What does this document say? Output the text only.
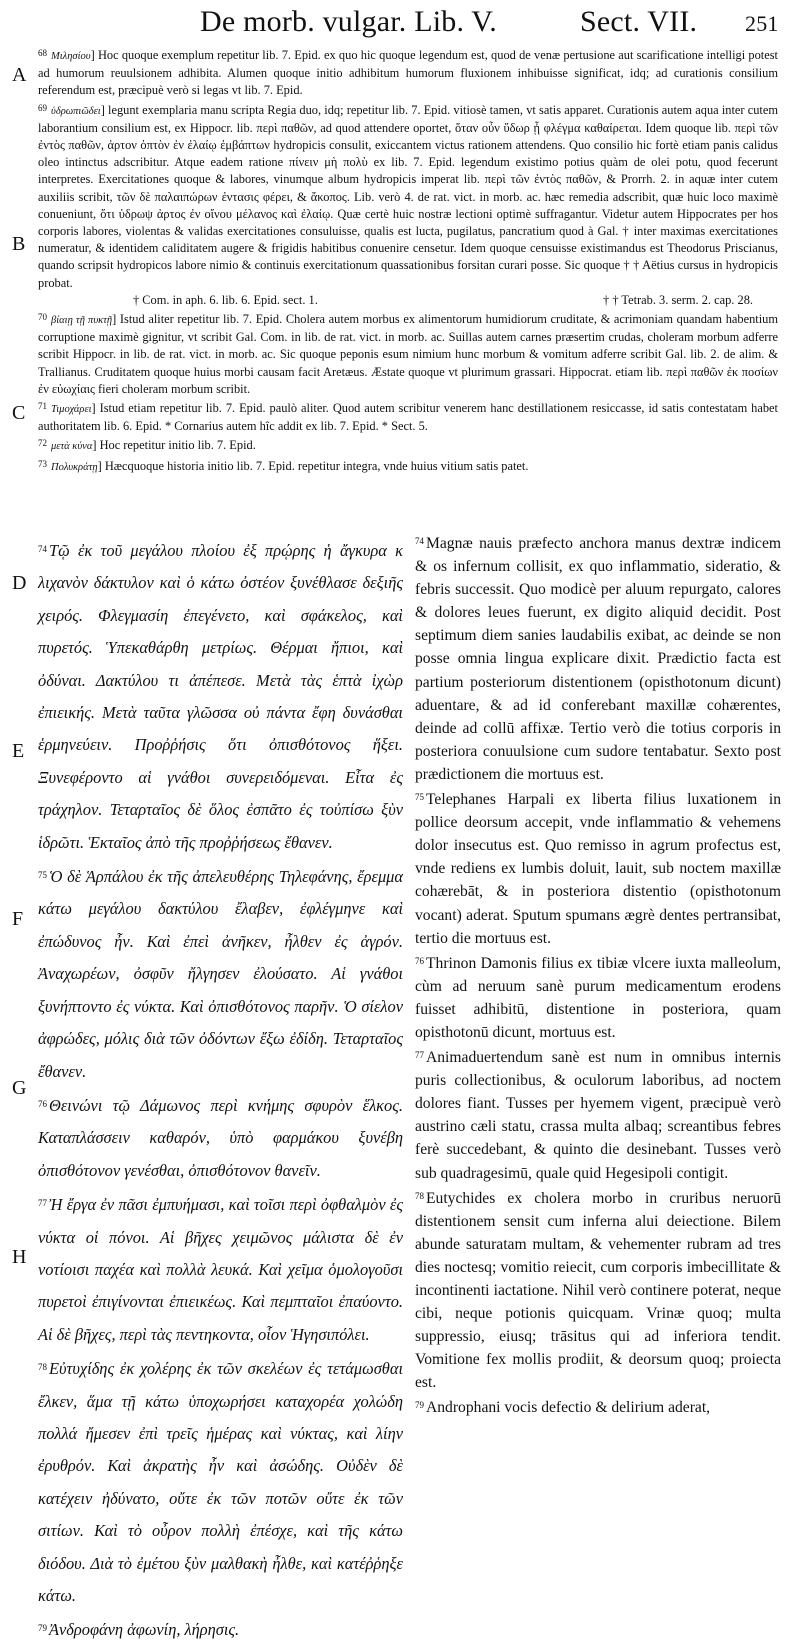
De morb. vulgar. Lib. V.	Sect. VII. 251
A
B
C
D
E
F
G
H

$^{68}$ Μιλησίου] Hoc quoque exemplum repetitur lib. 7. Epid. ex quo hic quoque legendum est, quod de venæ pertusione aut scarificatione intelligi potest ad humorum reuulsionem adhibita. Alumen quoque initio adhibitum humorum fluxionem inhibuisse significat, idq; ad curationis consilium referendum est, præcipuè verò si legas vt lib. 7. Epid.

$^{69}$ ὑδρωπιῶδει] legunt exemplaria manu scripta Regia duo, idq; repetitur lib. 7. Epid. vitiosè tamen, vt satis apparet. Curationis autem aqua inter cutem laborantium consilium est, ex Hippocr. lib. περὶ παθῶν, ad quod attendere oportet, ὅταν οὖν ὕδωρ ᾖ φλέγμα καθαίρεται. Idem quoque lib. περὶ τῶν ἐντὸς παθῶν, ἀρτον ὀπτὸν ἐν ἐλαίῳ ἐμβάπτων hydropicis consulit, exiccantem victus rationem attendens. Quo consilio hic fortè etiam panis calidus oleo intinctus adscribitur. Atque eadem ratione πίνειν μὴ πολὺ ex lib. 7. Epid. legendum existimo potius quàm de olei potu, quod fecerunt interpretes. Exercitationes quoque & labores, vinumque album hydropicis imperat lib. περὶ τῶν ἐντὸς παθῶν, & Prorrh. 2. in aquæ inter cutem auxiliis scribit, τῶν δὲ παλαιπώρων ἐντασις φέρει, & ἄκοπος. Lib. verò 4. de rat. vict. in morb. ac. hæc remedia adscribit, quæ huic loco maximè conueniunt, ὅτι ὑδρωψ ἀρτος ἐν οἴνου μέλανος καὶ ἐλαίῳ. Quæ certè huic nostræ lectioni optimè suffragantur. Videtur autem Hippocrates per hos corporis labores, violentas & validas exercitationes consuluisse, qualis est lucta, pugilatus, pancratium quod à Gal. † inter maximas exercitationes numeratur, & identidem caliditatem augere & frigidis habitibus conuenire censetur. Idem quoque censuisse existimandus est Theodorus Priscianus, quando scripsit hydropicos labore nimio & continuis exercitationum quassationibus forsitan curari posse. Sic quoque † † Aëtius cursus in hydropicis probat.

† Com. in aph. 6. lib. 6. Epid. sect. 1.	† † Tetrab. 3. serm. 2. cap. 28.

$^{70}$ βίαιῃ τῇ πυκτῇ] Istud aliter repetitur lib. 7. Epid. Cholera autem morbus ex alimentorum humidiorum cruditate, & acrimoniam quandam habentium corruptione maximè gignitur, vt scribit Gal. Com. in lib. de rat. vict. in morb. ac. Suillas autem carnes præsertim crudas, choleram morbum adferre scribit Hippocr. in lib. de rat. vict. in morb. ac. Sic quoque peponis esum nimium hunc morbum & vomitum adferre scribit Gal. lib. 2. de alim. & Trallianus. Cruditatem quoque huius morbi causam facit Aretæus. Æstate quoque vt plurimum grassari. Hippocrat. etiam lib. περὶ παθῶν ἐκ ποσίων ἐν εὐωχίαις fieri choleram morbum scribit.

$^{71}$ Τιμοχάρει] Istud etiam repetitur lib. 7. Epid. paulò aliter. Quod autem scribitur venerem hanc destillationem resiccasse, id satis contestatam habet authoritatem lib. 6. Epid. * Cornarius autem hîc addit ex lib. 7. Epid. * Sect. 5.

$^{72}$ μετὰ κύνα] Hoc repetitur initio lib. 7. Epid.

$^{73}$ Πολυκράτῃ] Hæcquoque historia initio lib. 7. Epid. repetitur integra, vnde huius vitium satis patet.

$^{74}$ Τῷ ἐκ τοῦ μεγάλου πλοίου ἐξ πρῴρης ἡ ἄγκυρα κ λιχανὸν δάκτυλον καὶ ὁ κάτω ὀστέον ξυνέθλασε δεξιῆς χειρός. Φλεγμασίη ἐπεγένετο, καὶ σφάκελος, καὶ πυρετός. Ὑπεκαθάρθη μετρίως. Θέρμαι ἤπιοι, καὶ ὀδύναι. Δακτύλου τι ἀπέπεσε. Μετὰ τὰς ἑπτὰ ἰχὼρ ἐπιεικής. Μετὰ ταῦτα γλῶσσα οὐ πάντα ἔφη δυνάσθαι ἑρμηνεύειν. Προῤῥήσις ὅτι ὀπισθότονος ἥξει. Ξυνεφέροντο αἱ γνάθοι συνερειδόμεναι. Εἶτα ἐς τράχηλον. Τεταρταῖος δὲ ὅλος ἐσπᾶτο ἐς τοὐπίσω ξὺν ἱδρῶτι. Ἑκταῖος ἀπὸ τῆς προῤῥήσεως ἔθανεν.

$^{75}$ Ὁ δὲ Ἁρπάλου ἐκ τῆς ἀπελευθέρης Τηλεφάνης, ἔρεμμα κάτω μεγάλου δακτύλου ἔλαβεν, ἐφλέγμηνε καὶ ἐπώδυνος ἦν. Καὶ ἐπεὶ ἀνῆκεν, ἦλθεν ἐς ἀγρόν. Ἀναχωρέων, ὀσφῦν ἤλγησεν ἐλούσατο. Αἱ γνάθοι ξυνήπτοντο ἐς νύκτα. Καὶ ὀπισθότονος παρῆν. Ὁ σίελον ἀφρώδες, μόλις διὰ τῶν ὀδόντων ἔξω ἐδίδη. Τεταρταῖος ἔθανεν.

$^{76}$ Θεινώνι τῷ Δάμωνος περὶ κνήμης σφυρὸν ἕλκος. Καταπλάσσειν καθαρόν, ὑπὸ φαρμάκου ξυνέβη ὀπισθότονον γενέσθαι, ὀπισθότονον θανεῖν.

$^{77}$ Ἠ ἔργα ἐν πᾶσι ἐμπυήμασι, καὶ τοῖσι περὶ ὀφθαλμὸν ἐς νύκτα οἱ πόνοι. Αἱ βῆχες χειμῶνος μάλιστα δὲ ἐν νοτίοισι παχέα καὶ πολλὰ λευκά. Καὶ χεῖμα ὁμολογοῦσι πυρετοὶ ἐπιγίνονται ἐπιεικέως. Καὶ πεμπταῖοι ἐπαύοντο. Αἱ δὲ βῆχες, περὶ τὰς πεντηκοντα, οἷον Ἡγησιπόλει.

$^{78}$ Εὐτυχίδης ἐκ χολέρης ἐκ τῶν σκελέων ἐς τετάμωσθαι ἔλκεν, ἅμα τῇ κάτω ὑποχωρήσει καταχορέα χολώδη πολλά ἤμεσεν ἐπὶ τρεῖς ἡμέρας καὶ νύκτας, καὶ λίην ἐρυθρόν. Καὶ ἀκρατὴς ἦν καὶ ἀσώδης. Οὐδὲν δὲ κατέχειν ἠδύνατο, οὔτε ἐκ τῶν ποτῶν οὔτε ἐκ τῶν σιτίων. Καὶ τὸ οὖρον πολλὴ ἐπέσχε, καὶ τῆς κάτω διόδου. Διὰ τὸ ἐμέτου ξὺν μαλθακὴ ἦλθε, καὶ κατέῤῥηξε κάτω.

$^{79}$ Ἀνδροφάνη ἀφωνίη, λήρησις.

$^{74}$ Magnæ nauis præfecto anchora manus dextræ indicem & os infernum collisit, ex quo inflammatio, sideratio, & febris successit. Quo modicè per aluum repurgato, calores & dolores leues fuerunt, ex digito aliquid decidit. Post septimum diem sanies laudabilis exibat, ac deinde se non posse omnia lingua explicare dixit. Prædictio facta est partium posteriorum distentionem (opisthotonum dicunt) aduentare, & ad id conferebant maxillæ cohærentes, deinde ad collū affixæ. Tertio verò die totius corporis in posteriora conuulsione cum sudore tentabatur. Sexto post prædictionem die mortuus est.

$^{75}$ Telephanes Harpali ex liberta filius luxationem in pollice deorsum accepit, vnde inflammatio & vehemens dolor insecutus est. Quo remisso in agrum profectus est, vnde rediens ex lumbis doluit, lauit, sub noctem maxillæ cohærebāt, & in posteriora distentio (opisthotonum vocant) aderat. Sputum spumans ægrè dentes pertransibat, tertio die mortuus est.

$^{76}$ Thrinon Damonis filius ex tibiæ vlcere iuxta malleolum, cùm ad neruum sanè purum medicamentum erodens fuisset adhibitū, distentione in posteriora, quam opisthotonū dicunt, mortuus est.

$^{77}$ Animaduertendum sanè est num in omnibus internis puris collectionibus, & oculorum laboribus, ad noctem dolores fiant. Tusses per hyemem vigent, præcipuè verò austrino cæli statu, crassa multa albaq; screantibus febres ferè succedebant, & quinto die desinebant. Tusses verò sub quadragesimū, quale quid Hegesipoli contigit.

$^{78}$ Eutychides ex cholera morbo in cruribus neruorū distentionem sensit cum inferna alui deiectione. Bilem abunde saturatam multam, & vehementer rubram ad tres dies noctesq; vomitio reiecit, cum corporis imbecillitate & incontinenti iactatione. Nihil verò continere poterat, neque cibi, neque potionis quicquam. Vrinæ quoq; multa suppressio, eiusq; trāsitus qui ad inferiora tendit. Vomitione fex mollis prodiit, & deorsum quoq; proiecta est.

$^{79}$ Androphani vocis defectio & delirium aderat,
